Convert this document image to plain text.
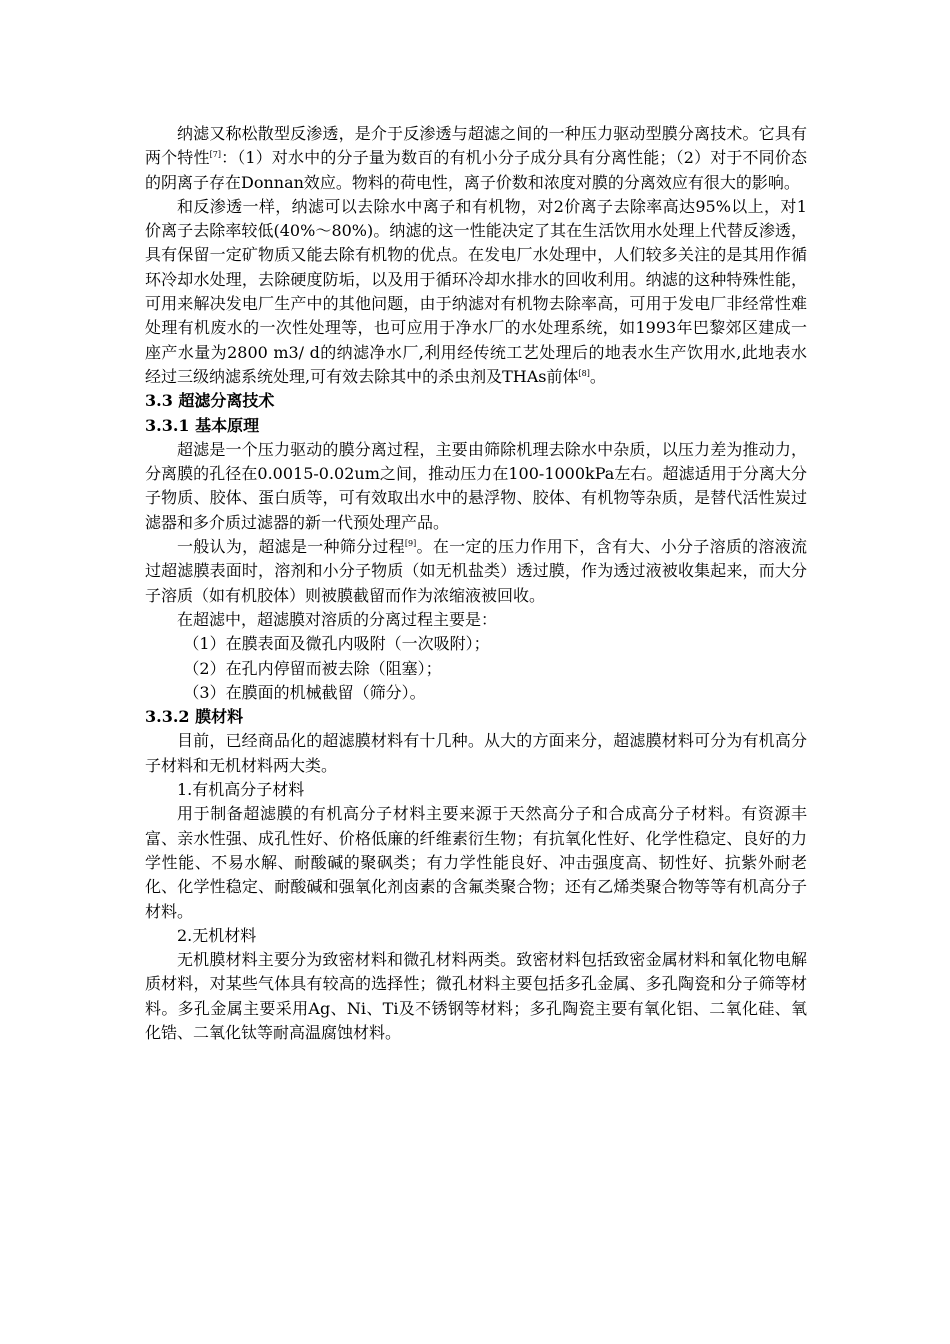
纳滤又称松散型反渗透，是介于反渗透与超滤之间的一种压力驱动型膜分离技术。它具有两个特性[7]：（1）对水中的分子量为数百的有机小分子成分具有分离性能；（2）对于不同价态的阴离子存在Donnan效应。物料的荷电性，离子价数和浓度对膜的分离效应有很大的影响。

和反渗透一样，纳滤可以去除水中离子和有机物，对2价离子去除率高达95%以上，对1价离子去除率较低(40%～80%)。纳滤的这一性能决定了其在生活饮用水处理上代替反渗透，具有保留一定矿物质又能去除有机物的优点。在发电厂水处理中，人们较多关注的是其用作循环冷却水处理，去除硬度防垢，以及用于循环冷却水排水的回收利用。纳滤的这种特殊性能，可用来解决发电厂生产中的其他问题，由于纳滤对有机物去除率高，可用于发电厂非经常性难处理有机废水的一次性处理等，也可应用于净水厂的水处理系统，如1993年巴黎郊区建成一座产水量为2800 m3/ d的纳滤净水厂,利用经传统工艺处理后的地表水生产饮用水,此地表水经过三级纳滤系统处理,可有效去除其中的杀虫剂及THAs前体[8]。

3.3 超滤分离技术
3.3.1 基本原理

超滤是一个压力驱动的膜分离过程，主要由筛除机理去除水中杂质，以压力差为推动力，分离膜的孔径在0.0015-0.02um之间，推动压力在100-1000kPa左右。超滤适用于分离大分子物质、胶体、蛋白质等，可有效取出水中的悬浮物、胶体、有机物等杂质，是替代活性炭过滤器和多介质过滤器的新一代预处理产品。

一般认为，超滤是一种筛分过程[9]。在一定的压力作用下，含有大、小分子溶质的溶液流过超滤膜表面时，溶剂和小分子物质（如无机盐类）透过膜，作为透过液被收集起来，而大分子溶质（如有机胶体）则被膜截留而作为浓缩液被回收。

在超滤中，超滤膜对溶质的分离过程主要是：

（1）在膜表面及微孔内吸附（一次吸附）；

（2）在孔内停留而被去除（阻塞）；

（3）在膜面的机械截留（筛分）。

3.3.2 膜材料

目前，已经商品化的超滤膜材料有十几种。从大的方面来分，超滤膜材料可分为有机高分子材料和无机材料两大类。

1.有机高分子材料

用于制备超滤膜的有机高分子材料主要来源于天然高分子和合成高分子材料。有资源丰富、亲水性强、成孔性好、价格低廉的纤维素衍生物；有抗氧化性好、化学性稳定、良好的力学性能、不易水解、耐酸碱的聚砜类；有力学性能良好、冲击强度高、韧性好、抗紫外耐老化、化学性稳定、耐酸碱和强氧化剂卤素的含氟类聚合物；还有乙烯类聚合物等等有机高分子材料。

2.无机材料

无机膜材料主要分为致密材料和微孔材料两类。致密材料包括致密金属材料和氧化物电解质材料，对某些气体具有较高的选择性；微孔材料主要包括多孔金属、多孔陶瓷和分子筛等材料。多孔金属主要采用Ag、Ni、Ti及不锈钢等材料；多孔陶瓷主要有氧化铝、二氧化硅、氧化锆、二氧化钛等耐高温腐蚀材料。
